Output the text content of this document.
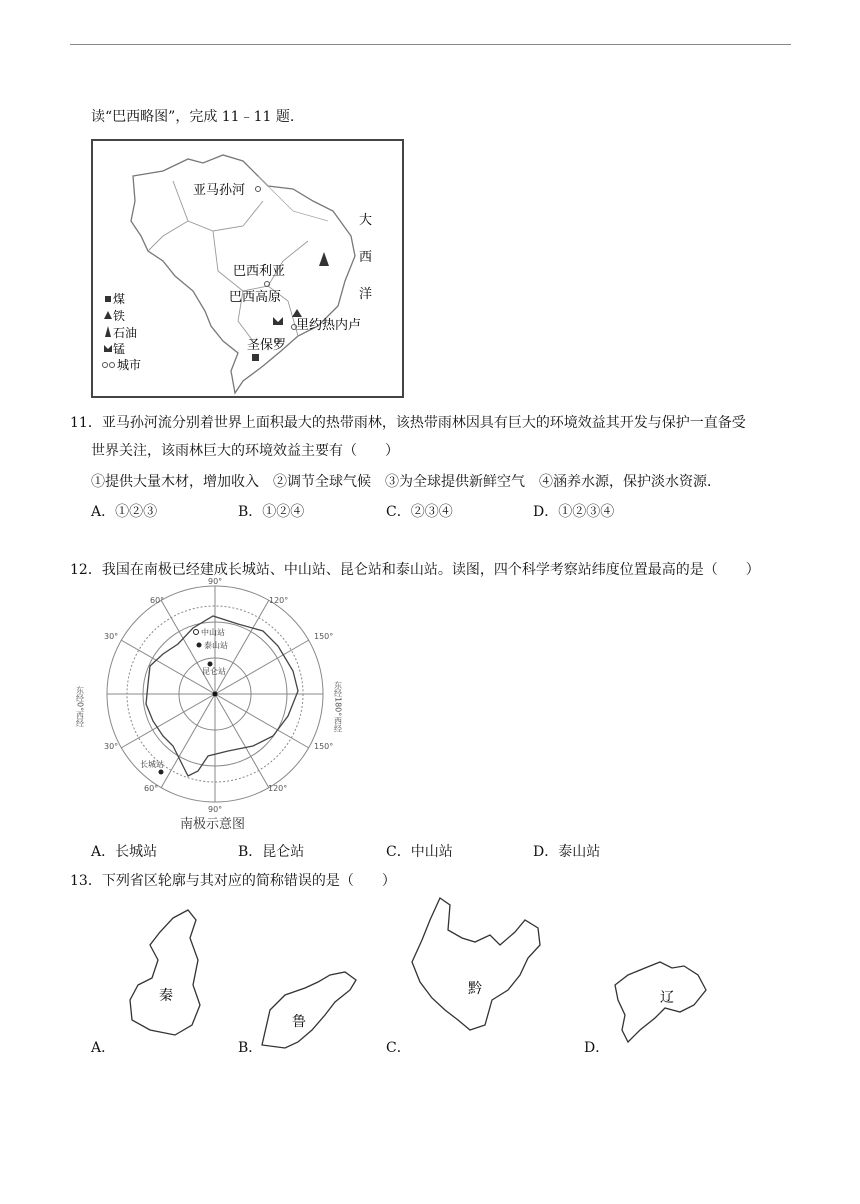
读“巴西略图”，完成 11﹣11 题.
亚马孙河
巴西利亚
巴西高原
里约热内卢
圣保罗
大
西
洋
煤
铁
石油
锰
城市
11．亚马孙河流分别着世界上面积最大的热带雨林，该热带雨林因具有巨大的环境效益其开发与保护一直备受
世界关注，该雨林巨大的环境效益主要有（　　）
①提供大量木材，增加收入　②调节全球气候　③为全球提供新鲜空气　④涵养水源，保护淡水资源．
A．①②③	B．①②④	C．②③④	D．①②③④
12．我国在南极已经建成长城站、中山站、昆仑站和泰山站。读图，四个科学考察站纬度位置最高的是（　　）
中山站
泰山站
昆仑站
长城站
60°
90°
120°
150°
30°	150°
60°
90°
120°
30°
东经0°西经	东经180°西经
南极示意图
A．长城站	B．昆仑站	C．中山站	D．泰山站
13．下列省区轮廓与其对应的简称错误的是（　　）
秦
鲁
黔
辽
A．	B．	C．	D．
